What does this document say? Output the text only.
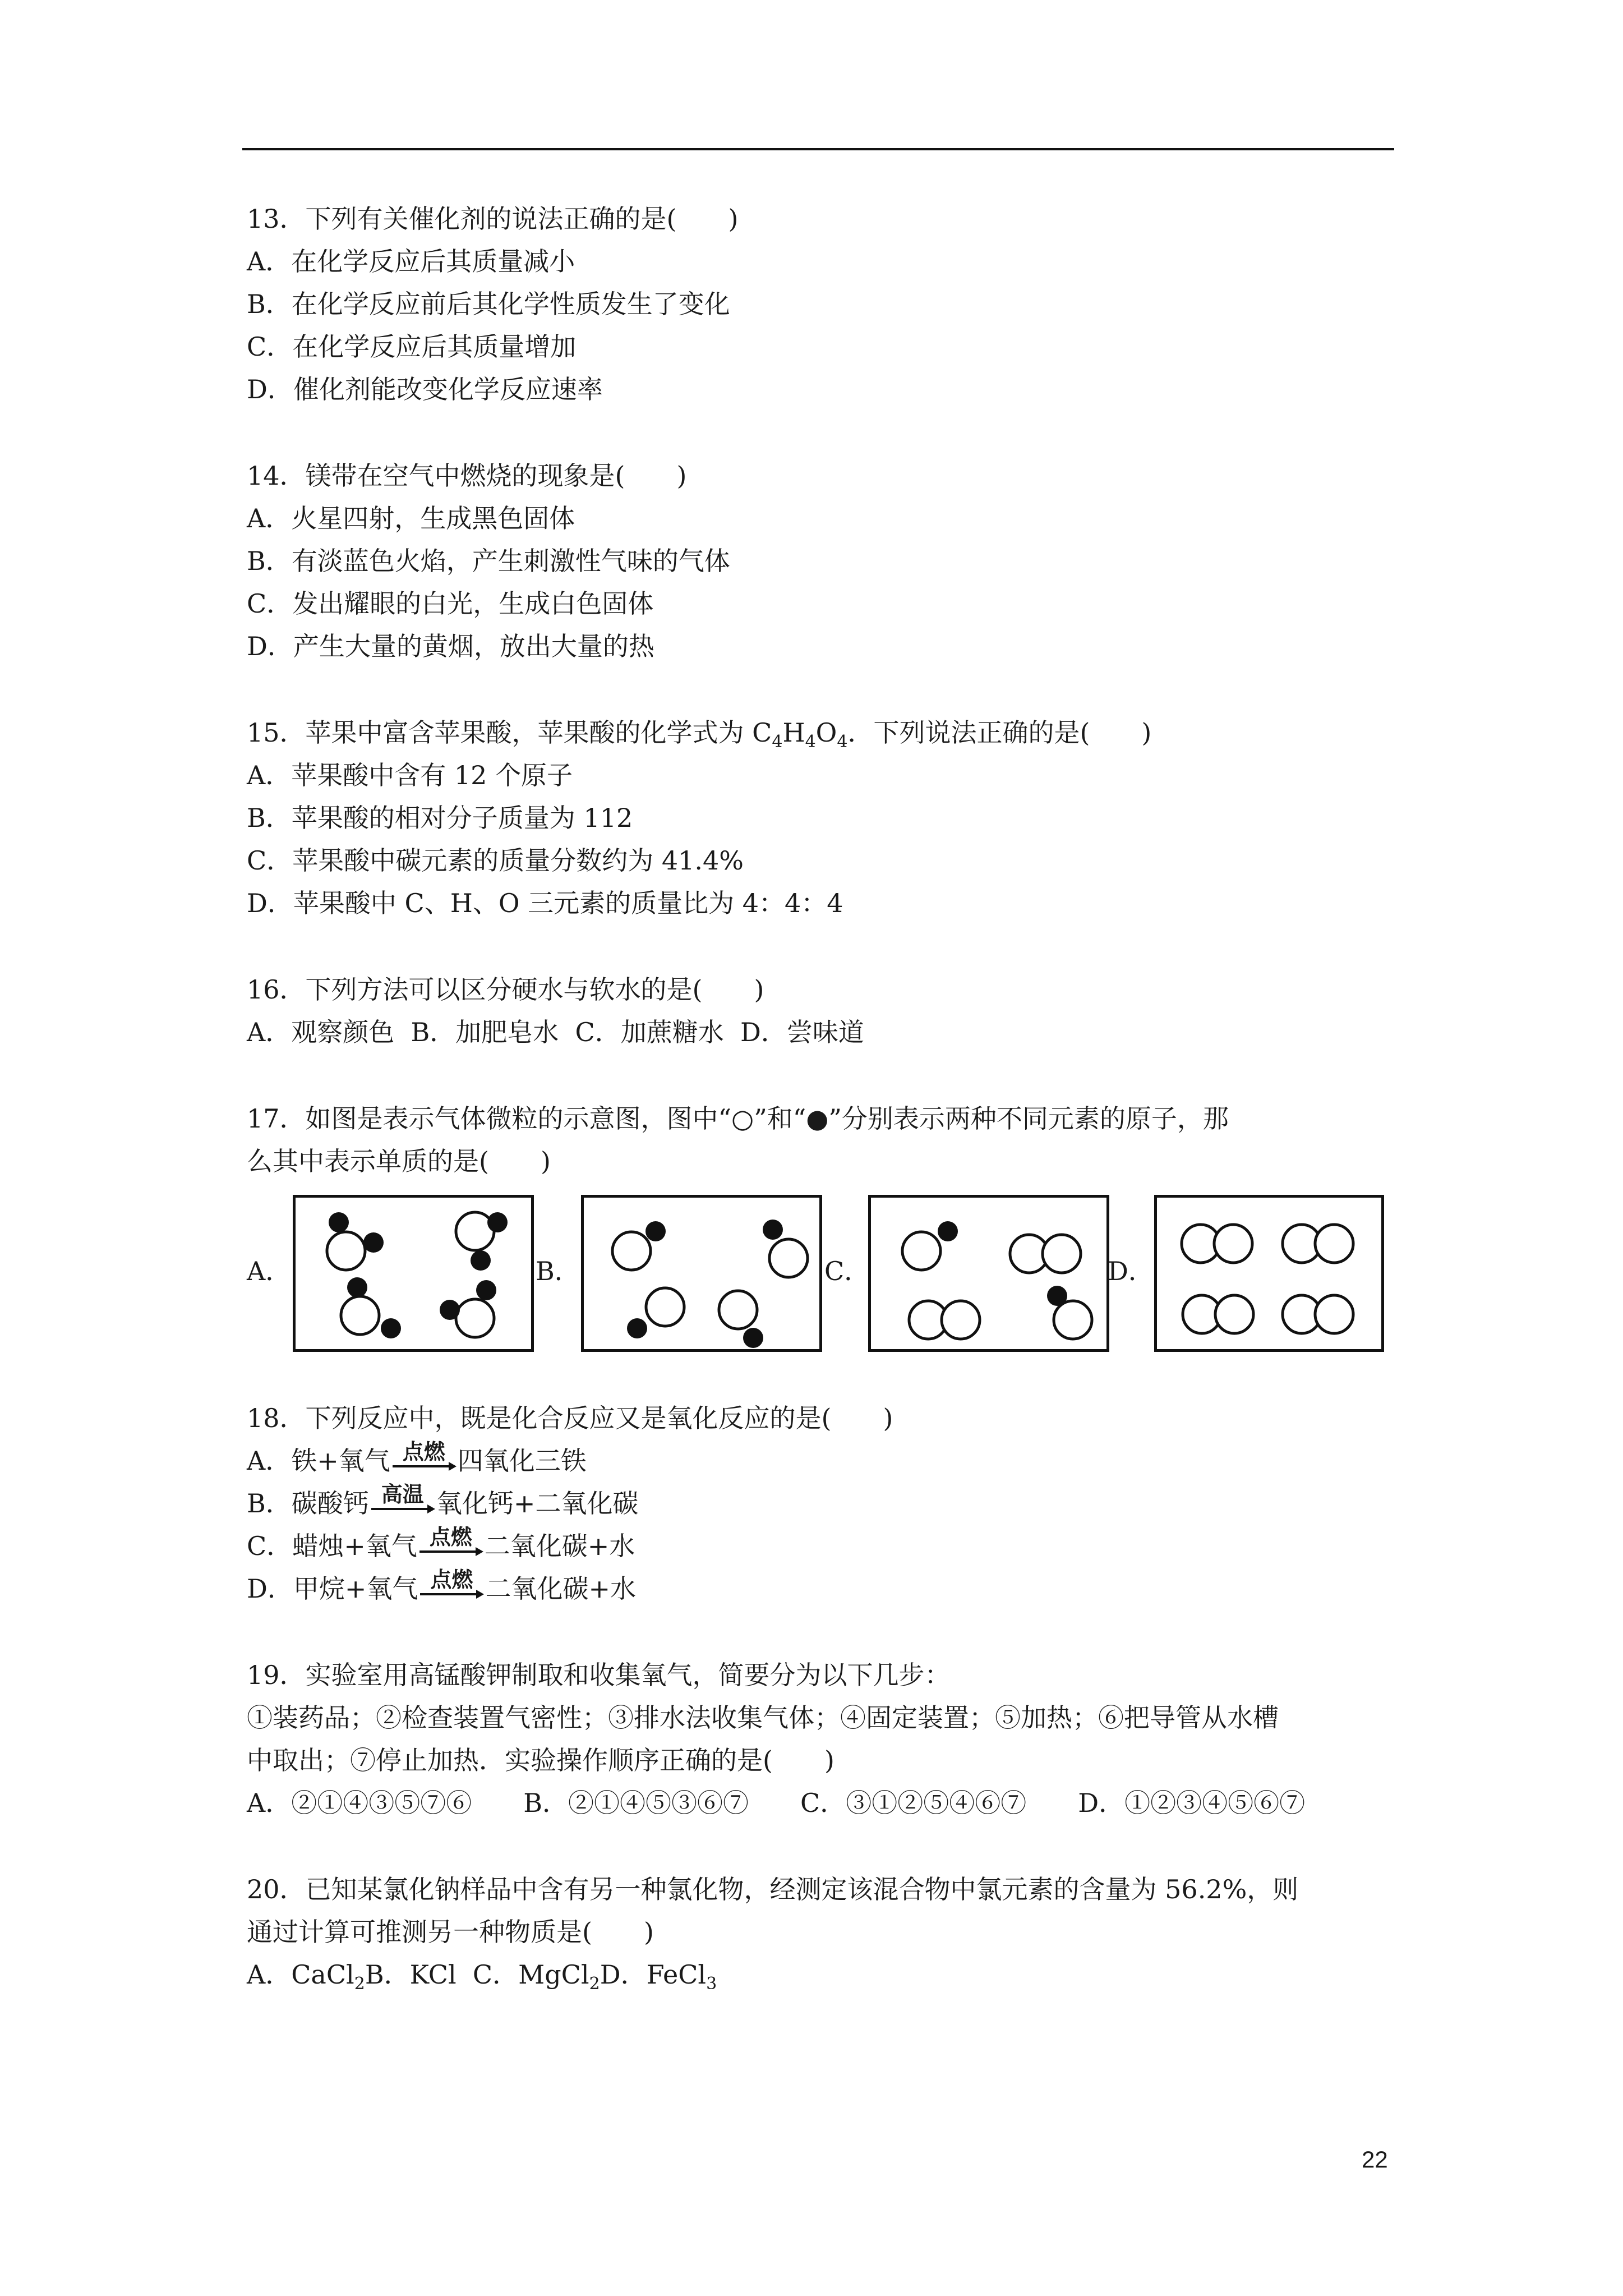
13．下列有关催化剂的说法正确的是(　　)
A．在化学反应后其质量减小
B．在化学反应前后其化学性质发生了变化
C．在化学反应后其质量增加
D．催化剂能改变化学反应速率
14．镁带在空气中燃烧的现象是(　　)
A．火星四射，生成黑色固体
B．有淡蓝色火焰，产生刺激性气味的气体
C．发出耀眼的白光，生成白色固体
D．产生大量的黄烟，放出大量的热
15．苹果中富含苹果酸，苹果酸的化学式为 $C_4H_4O_4$．下列说法正确的是(　　)
A．苹果酸中含有 12 个原子
B．苹果酸的相对分子质量为 112
C．苹果酸中碳元素的质量分数约为 41.4%
D．苹果酸中 C、H、O 三元素的质量比为 4：4：4
16．下列方法可以区分硬水与软水的是(　　)
A．观察颜色  B．加肥皂水  C．加蔗糖水  D．尝味道
17．如图是表示气体微粒的示意图，图中“○”和“●”分别表示两种不同元素的原子，那
么其中表示单质的是(　　)
A．	B．	C．	D．
18．下列反应中，既是化合反应又是氧化反应的是(　　)
A．铁+氧气 点燃 四氧化三铁
B．碳酸钙 高温 氧化钙+二氧化碳
C．蜡烛+氧气 点燃 二氧化碳+水
D．甲烷+氧气 点燃 二氧化碳+水
19．实验室用高锰酸钾制取和收集氧气，简要分为以下几步：
①装药品；②检查装置气密性；③排水法收集气体；④固定装置；⑤加热；⑥把导管从水槽
中取出；⑦停止加热．实验操作顺序正确的是(　　)
A．②①④③⑤⑦⑥　　B．②①④⑤③⑥⑦　　C．③①②⑤④⑥⑦　　D．①②③④⑤⑥⑦
20．已知某氯化钠样品中含有另一种氯化物，经测定该混合物中氯元素的含量为 56.2%，则
通过计算可推测另一种物质是(　　)
A．CaCl$_2$B．KCl  C．MgCl$_2$D．FeCl$_3$
22
